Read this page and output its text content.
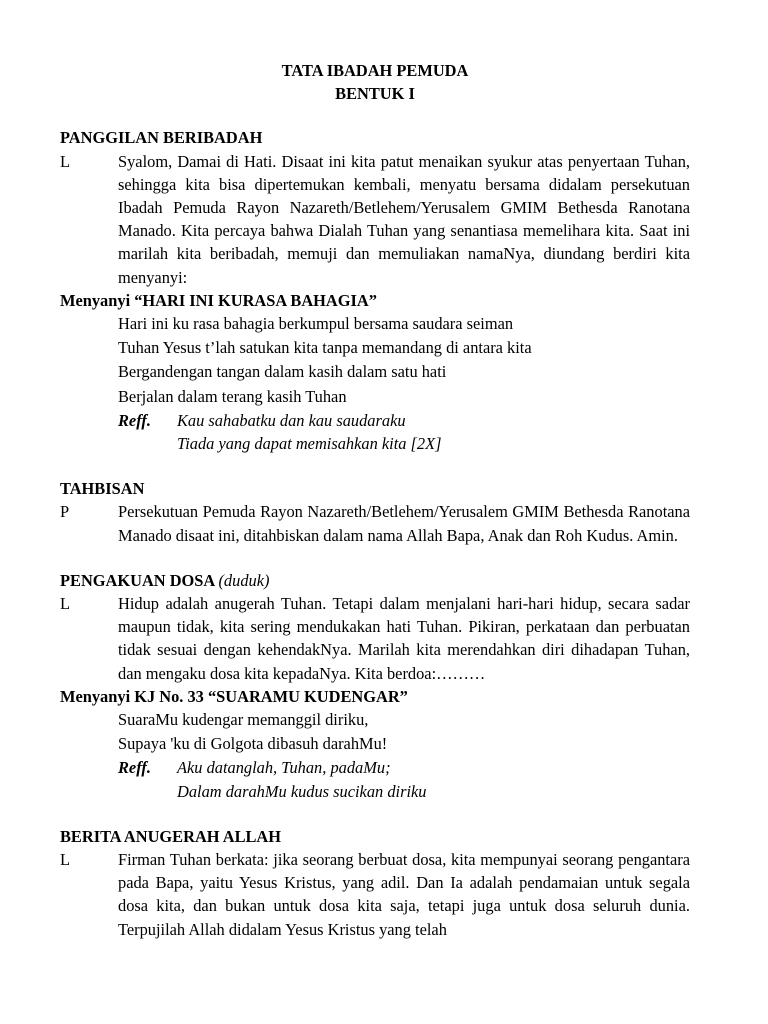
TATA IBADAH PEMUDA

BENTUK I

PANGGILAN BERIBADAH

L	Syalom, Damai di Hati. Disaat ini kita patut menaikan syukur atas penyertaan Tuhan, sehingga kita bisa dipertemukan kembali, menyatu bersama didalam persekutuan Ibadah Pemuda Rayon Nazareth/Betlehem/Yerusalem GMIM Bethesda Ranotana Manado. Kita percaya bahwa Dialah Tuhan yang senantiasa memelihara kita. Saat ini marilah kita beribadah, memuji dan memuliakan namaNya, diundang berdiri kita menyanyi:

Menyanyi “HARI INI KURASA BAHAGIA”

Hari ini ku rasa bahagia berkumpul bersama saudara seiman

Tuhan Yesus t’lah satukan kita tanpa memandang di antara kita

Bergandengan tangan dalam kasih dalam satu hati

Berjalan dalam terang kasih Tuhan

Reff.	Kau sahabatku dan kau saudaraku
Tiada yang dapat memisahkan kita [2X]

TAHBISAN

P	Persekutuan Pemuda Rayon Nazareth/Betlehem/Yerusalem GMIM Bethesda Ranotana Manado disaat ini, ditahbiskan dalam nama Allah Bapa, Anak dan Roh Kudus. Amin.

PENGAKUAN DOSA (duduk)

L	Hidup adalah anugerah Tuhan. Tetapi dalam menjalani hari-hari hidup, secara sadar maupun tidak, kita sering mendukakan hati Tuhan. Pikiran, perkataan dan perbuatan tidak sesuai dengan kehendakNya. Marilah kita merendahkan diri dihadapan Tuhan, dan mengaku dosa kita kepadaNya. Kita berdoa:………

Menyanyi KJ No. 33 “SUARAMU KUDENGAR”

SuaraMu kudengar memanggil diriku,

Supaya 'ku di Golgota dibasuh darahMu!

Reff.	Aku datanglah, Tuhan, padaMu;
Dalam darahMu kudus sucikan diriku

BERITA ANUGERAH ALLAH

L	Firman Tuhan berkata: jika seorang berbuat dosa, kita mempunyai seorang pengantara pada Bapa, yaitu Yesus Kristus, yang adil. Dan Ia adalah pendamaian untuk segala dosa kita, dan bukan untuk dosa kita saja, tetapi juga untuk dosa seluruh dunia. Terpujilah Allah didalam Yesus Kristus yang telah
